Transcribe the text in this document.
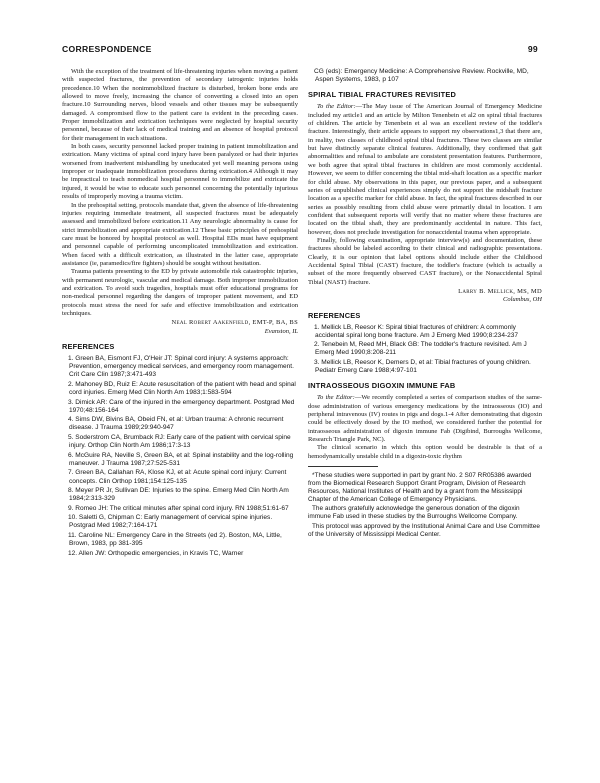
CORRESPONDENCE	99

With the exception of the treatment of life-threatening injuries when moving a patient with suspected fractures, the prevention of secondary iatrogenic injuries holds precedence.10 When the nonimmobilized fracture is disturbed, broken bone ends are allowed to move freely, increasing the chance of converting a closed into an open fracture.10 Surrounding nerves, blood vessels and other tissues may be subsequently damaged. A compromised flow to the patient care is evident in the preceding cases. Proper immobilization and extrication techniques were neglected by hospital security personnel, because of their lack of medical training and an absence of hospital protocol for their management in such situations.

In both cases, security personnel lacked proper training in patient immobilization and extrication. Many victims of spinal cord injury have been paralyzed or had their injuries worsened from inadvertent mishandling by uneducated yet well meaning persons using improper or inadequate immobilization procedures during extrication.4 Although it may be impractical to teach nonmedical hospital personnel to immobilize and extricate the injured, it would be wise to educate such personnel concerning the potentially injurious results of improperly moving a trauma victim.

In the prehospital setting, protocols mandate that, given the absence of life-threatening injuries requiring immediate treatment, all suspected fractures must be adequately assessed and immobilized before extrication.11 Any neurologic abnormality is cause for strict immobilization and appropriate extrication.12 These basic principles of prehospital care must be honored by hospital protocol as well. Hospital EDs must have equipment and personnel capable of performing uncomplicated immobilization and extrication. When faced with a difficult extrication, as illustrated in the latter case, appropriate assistance (ie, paramedics/fire fighters) should be sought without hesitation.

Trauma patients presenting to the ED by private automobile risk catastrophic injuries, with permanent neurologic, vascular and medical damage. Both improper immobilization and extrication. To avoid such tragedies, hospitals must offer educational programs for non-medical personnel regarding the dangers of improper patient movement, and ED protocols must stress the need for safe and effective immobilization and extrication techniques.

Neal Robert Aakenfield, EMT-P, BA, BS
Evanston, IL
REFERENCES
1. Green BA, Eismont FJ, O'Heir JT: Spinal cord injury: A systems approach: Prevention, emergency medical services, and emergency room management. Crit Care Clin 1987;3:471-493
2. Mahoney BD, Ruiz E: Acute resuscitation of the patient with head and spinal cord injuries. Emerg Med Clin North Am 1983;1:583-594
3. Dimick AR: Care of the injured in the emergency department. Postgrad Med 1970;48:156-164
4. Sims DW, Bivins BA, Obeid FN, et al: Urban trauma: A chronic recurrent disease. J Trauma 1989;29:940-947
5. Soderstrom CA, Brumback RJ: Early care of the patient with cervical spine injury. Orthop Clin North Am 1986;17:3-13
6. McGuire RA, Neville S, Green BA, et al: Spinal instability and the log-rolling maneuver. J Trauma 1987;27:525-531
7. Green BA, Callahan RA, Klose KJ, et al: Acute spinal cord injury: Current concepts. Clin Orthop 1981;154:125-135
8. Meyer PR Jr, Sullivan DE: Injuries to the spine. Emerg Med Clin North Am 1984;2:313-329
9. Romeo JH: The critical minutes after spinal cord injury. RN 1988;51:61-67
10. Saletti G, Chipman C: Early management of cervical spine injuries. Postgrad Med 1982;7:164-171
11. Caroline NL: Emergency Care in the Streets (ed 2). Boston, MA, Little, Brown, 1983, pp 381-395
12. Allen JW: Orthopedic emergencies, in Kravis TC, Warner
CG (eds): Emergency Medicine: A Comprehensive Review. Rockville, MD, Aspen Systems, 1983, p 107
SPIRAL TIBIAL FRACTURES REVISITED

To the Editor:—The May issue of The American Journal of Emergency Medicine included my article1 and an article by Milton Tenenbein et al2 on spiral tibial fractures of children. The article by Tenenbein et al was an excellent review of the toddler's fracture. Interestingly, their article appears to support my observations1,3 that there are, in reality, two classes of childhood spiral tibial fractures. These two classes are similar but have distinctly separate clinical features. Additionally, they confirmed that gait abnormalities and refusal to ambulate are consistent presentation features. Furthermore, we both agree that spiral tibial fractures in children are most commonly accidental. However, we seem to differ concerning the tibial mid-shaft location as a specific marker for child abuse. My observations in this paper, our previous paper, and a subsequent series of unpublished clinical experiences simply do not support the midshaft fracture location as a specific marker for child abuse. In fact, the spiral fractures described in our series as possibly resulting from child abuse were primarily distal in location. I am confident that subsequent reports will verify that no matter where these fractures are located on the tibial shaft, they are predominantly accidental in nature. This fact, however, does not preclude investigation for nonaccidental trauma when appropriate.

Finally, following examination, appropriate interview(s) and documentation, these fractures should be labeled according to their clinical and radiographic presentations. Clearly, it is our opinion that label options should include either the Childhood Accidental Spiral Tibial (CAST) fracture, the toddler's fracture (which is actually a subset of the more frequently observed CAST fracture), or the Nonaccidental Spiral Tibial (NAST) fracture.

Larry B. Mellick, MS, MD
Columbus, OH
REFERENCES
1. Mellick LB, Reesor K: Spiral tibial fractures of children: A commonly accidental spiral long bone fracture. Am J Emerg Med 1990;8:234-237
2. Tenebein M, Reed MH, Black GB: The toddler's fracture revisited. Am J Emerg Med 1990;8:208-211
3. Mellick LB, Reesor K, Demers D, et al: Tibial fractures of young children. Pediatr Emerg Care 1988;4:97-101
INTRAOSSEOUS DIGOXIN IMMUNE FAB

To the Editor:—We recently completed a series of comparison studies of the same-dose administration of various emergency medications by the intraosseous (IO) and peripheral intravenous (IV) routes in pigs and dogs.1-4 After demonstrating that digoxin could be effectively dosed by the IO method, we considered further the potential for intraosseous administration of digoxin immune Fab (Digibind, Burroughs Wellcome, Research Triangle Park, NC).

The clinical scenario in which this option would be desirable is that of a hemodynamically unstable child in a digoxin-toxic rhythm

*These studies were supported in part by grant No. 2 S07 RR05386 awarded from the Biomedical Research Support Grant Program, Division of Research Resources, National Institutes of Health and by a grant from the Mississippi Chapter of the American College of Emergency Physicians.

The authors gratefully acknowledge the generous donation of the digoxin immune Fab used in these studies by the Burroughs Wellcome Company.

This protocol was approved by the Institutional Animal Care and Use Committee of the University of Mississippi Medical Center.
